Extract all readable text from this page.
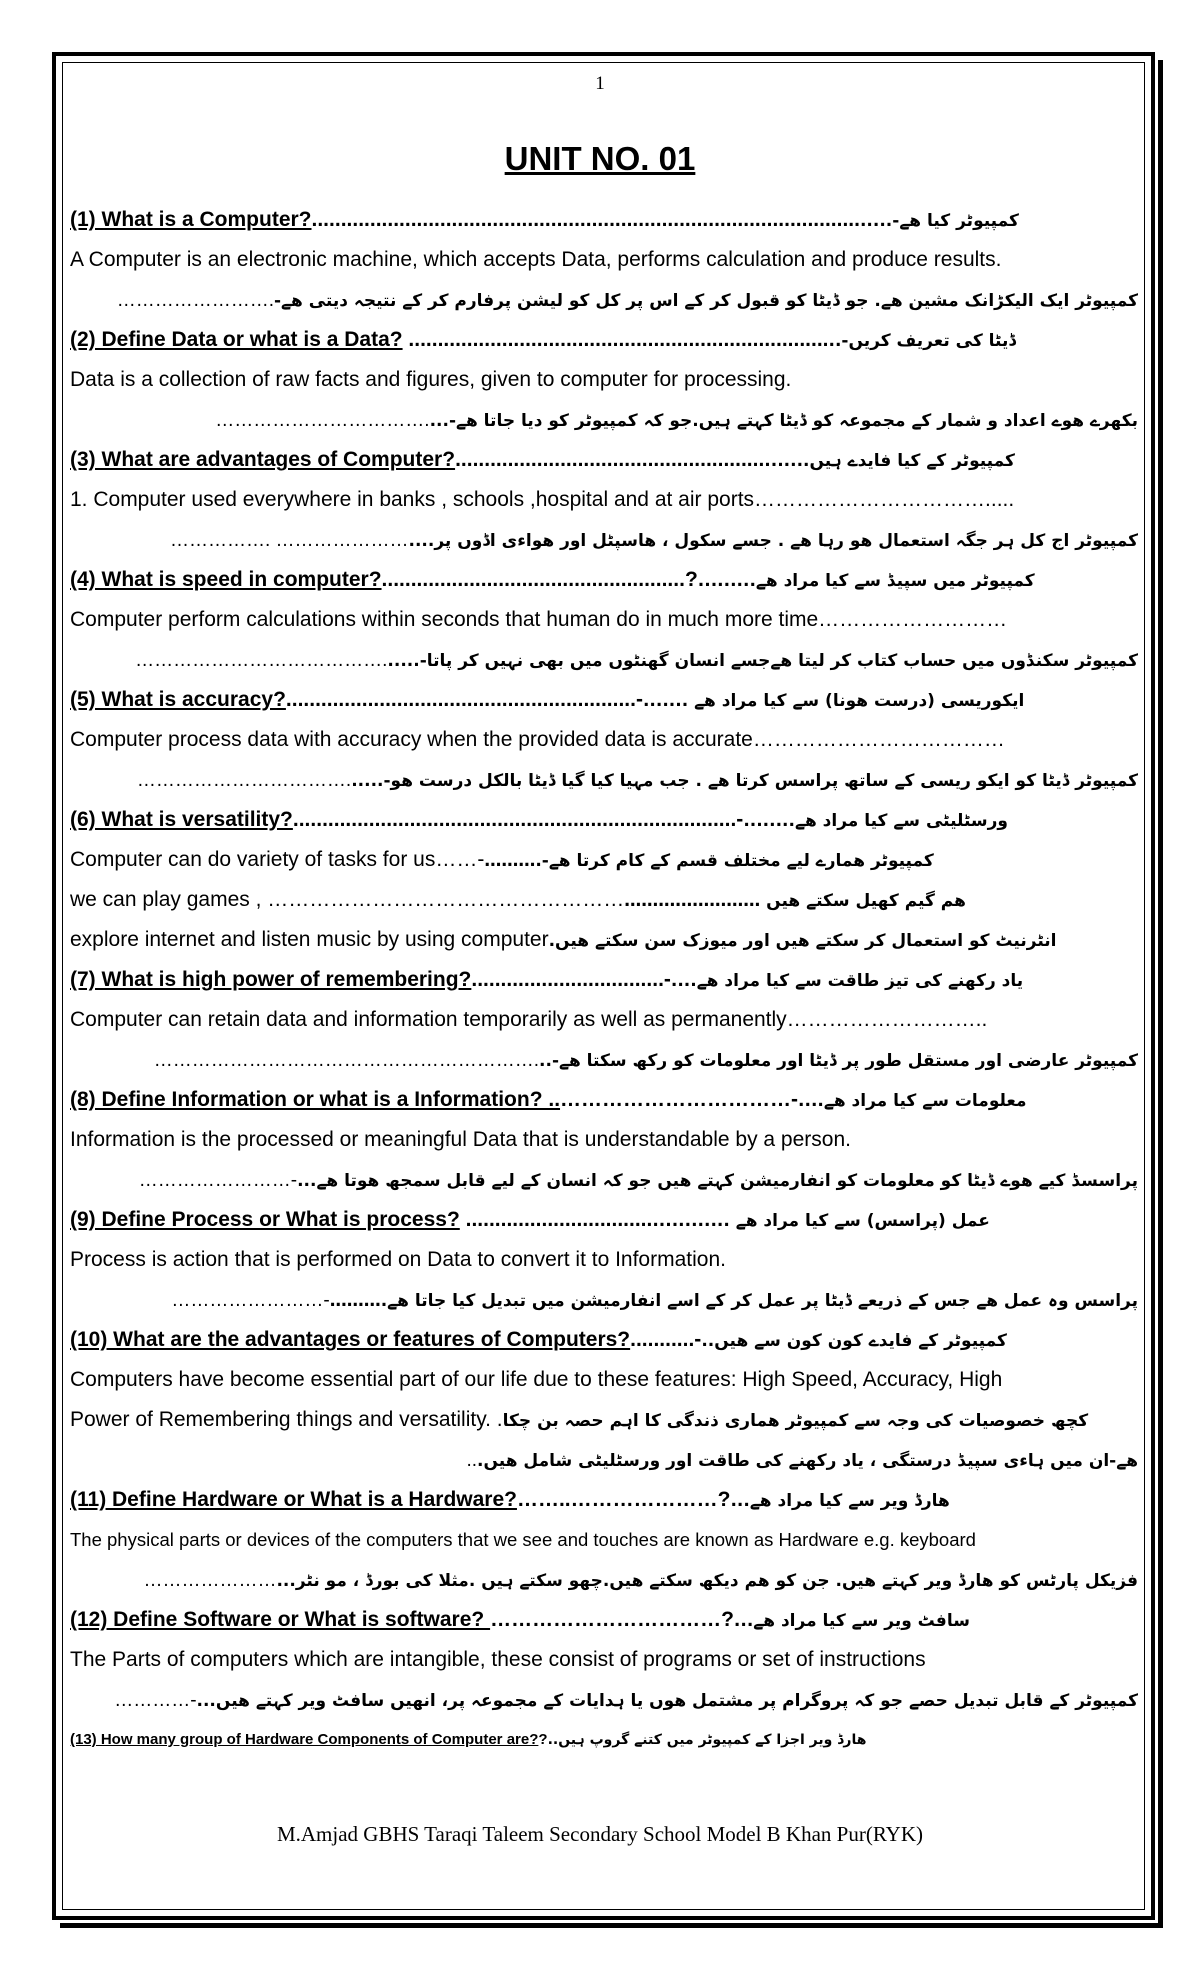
1
UNIT NO. 01
(1) What is a Computer?..............................................................................................کمپیوٹر کیا ھے-.....
A Computer is an electronic machine, which accepts Data, performs calculation and produce results.
…………………….کمپیوٹر ایک الیکڑانک مشین ھے. جو ڈیٹا کو قبول کر کے اس پر کل کو لیشن پرفارم کر کے نتیجہ دیتی ھے-
(2) Define Data or what is a Data? ........................................................................ڈیٹا کی تعریف کریں-..
Data is a collection of raw facts and figures, given to computer for processing.
…………………………….بکھرے ھوے اعداد و شمار کے مجموعہ کو ڈیٹا کہتے ہیں.جو کہ کمپیوٹر کو دیا جاتا ھے-...
(3) What are advantages of Computer?.....................................................کمپیوٹر کے کیا فایدے ہیں.......
1. Computer used everywhere in banks , schools ,hospital and at air ports…………………………….....
……………. …………………کمپیوٹر اج کل ہر جگہ استعمال ھو رہا ھے . جسے سکول ، ھاسپٹل اور ھواءی اڈوں پر....
(4) What is speed in computer?....................................................?کمپیوٹر میں سپیڈ سے کیا مراد ھے.........
Computer perform calculations within seconds that human do in much more time………………………
………………………………….کمپیوٹر سکنڈوں میں حساب کتاب کر لیتا ھےجسے انسان گھنٹوں میں بھی نہیں کر پاتا-.....
(5) What is accuracy?............................................................-ایکوریسی (درست ھونا) سے کیا مراد ھے .......
Computer process data with accuracy when the provided data is accurate………………………………
…………………………….کمپیوٹر ڈیٹا کو ایکو ریسی کے ساتھ پراسس کرتا ھے . جب مہیا کیا گیا ڈیٹا بالکل درست ھو-.....
(6) What is versatility?............................................................................-ورسٹلیٹی سے کیا مراد ھے........
Computer can do variety of tasks for us……-کمپیوٹر ھمارے لیے مختلف قسم کے کام کرتا ھے-.………
we can play games , ……………………………………………ھم گیم کھیل سکتے ھیں ……………………
explore internet and listen music by using computerانٹرنیٹ کو استعمال کر سکتے ھیں اور میوزک سن سکتے ھیں.
(7) What is high power of remembering?.................................-یاد رکھنے کی تیز طاقت سے کیا مراد ھے....
Computer can retain data and information temporarily as well as permanently………………………..
…………………………………………………….کمپیوٹر عارضی اور مستقل طور پر ڈیٹا اور معلومات کو رکھ سکتا ھے-..
(8) Define Information or what is a Information? ..……………………………-معلومات سے کیا مراد ھے....
Information is the processed or meaningful Data that is understandable by a person.
……………………-پراسسڈ کیے ھوے ڈیٹا کو معلومات کو انفارمیشن کہتے ھیں جو کہ انسان کے لیے قابل سمجھ ھوتا ھے...
(9) Define Process or What is process? ................................عمل (پراسس) سے کیا مراد ھے ............
Process is action that is performed on Data to convert it to Information.
……………………-پراسس وہ عمل ھے جس کے ذریعے ڈیٹا پر عمل کر کے اسے انفارمیشن میں تبدیل کیا جاتا ھے.………
(10) What are the advantages or features of Computers?...........-کمپیوٹر کے فایدے کون کون سے ھیں..
Computers have become essential part of our life due to these features: High Speed, Accuracy, High
Power of Remembering things and versatility. .کچھ خصوصیات کی وجہ سے کمپیوٹر ھماری ذندگی کا اہم حصہ بن چکا
..ھے-ان میں ہاءی سپیڈ درستگی ، یاد رکھنے کی طاقت اور ورسٹلیٹی شامل ھیں.
(11) Define Hardware or What is a Hardware?……..…………………?ھارڈ ویر سے کیا مراد ھے...
The physical parts or devices of the computers that we see and touches are known as Hardware e.g. keyboard
…………………فزیکل پارٹس کو ھارڈ ویر کہتے ھیں. جن کو ھم دیکھ سکتے ھیں.چھو سکتے ہیں .مثلا کی بورڈ ، مو نٹر...
(12) Define Software or What is software? ……………………………?سافٹ ویر سے کیا مراد ھے...
The Parts of computers which are intangible, these consist of programs or set of instructions
…………-کمپیوٹر کے قابل تبدیل حصے جو کہ پروگرام پر مشتمل ھوں یا ہدایات کے مجموعہ پر، انھیں سافٹ ویر کہتے ھیں...
(13) How many group of Hardware Components of Computer are??ھارڈ ویر اجزا کے کمپیوٹر میں کتنے گروپ ہیں..
M.Amjad GBHS Taraqi Taleem Secondary School Model B Khan Pur(RYK)
